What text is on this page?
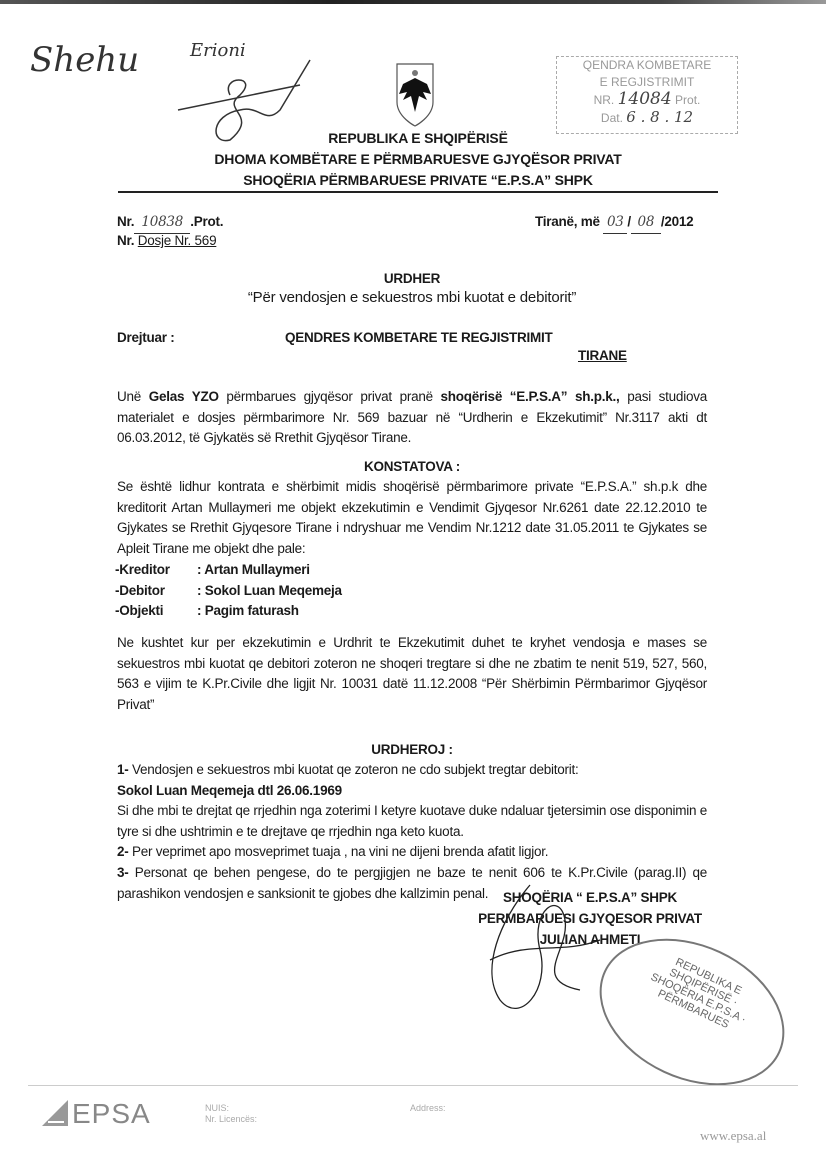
Shehu	Erioni
QENDRA KOMBETARE
E REGJISTRIMIT
NR. 14084 Prot.
Dat. 6 . 8 . 12
REPUBLIKA E SHQIPËRISË
DHOMA KOMBËTARE E PËRMBARUESVE GJYQËSOR PRIVAT
SHOQËRIA PËRMBARUESE PRIVATE “E.P.S.A” SHPK
Nr. 10838 .Prot.
Nr. Dosje Nr. 569
Tiranë, më 03 / 08 /2012
URDHER
“Për vendosjen e sekuestros mbi kuotat e debitorit”
Drejtuar :	QENDRES KOMBETARE TE REGJISTRIMIT
TIRANE
Unë Gelas YZO përmbarues gjyqësor privat pranë shoqërisë “E.P.S.A” sh.p.k., pasi studiova materialet e dosjes përmbarimore Nr. 569 bazuar në “Urdherin e Ekzekutimit” Nr.3117 akti dt 06.03.2012, të Gjykatës së Rrethit Gjyqësor Tirane.
KONSTATOVA :
Se është lidhur kontrata e shërbimit midis shoqërisë përmbarimore private “E.P.S.A.” sh.p.k dhe kreditorit Artan Mullaymeri me objekt ekzekutimin e Vendimit Gjyqesor Nr.6261 date 22.12.2010 te Gjykates se Rrethit Gjyqesore Tirane i ndryshuar me Vendim Nr.1212 date 31.05.2011 te Gjykates se Apleit Tirane me objekt dhe pale:
-Kreditor	: Artan Mullaymeri
-Debitor	: Sokol Luan Meqemeja
-Objekti	: Pagim faturash
Ne kushtet kur per ekzekutimin e Urdhrit te Ekzekutimit duhet te kryhet vendosja e mases se sekuestros mbi kuotat qe debitori zoteron ne shoqeri tregtare si dhe ne zbatim te nenit 519, 527, 560, 563 e vijim te K.Pr.Civile dhe ligjit Nr. 10031 datë 11.12.2008 “Për Shërbimin Përmbarimor Gjyqësor Privat”
URDHEROJ :
1- Vendosjen e sekuestros mbi kuotat qe zoteron ne cdo subjekt tregtar debitorit:
Sokol Luan Meqemeja dtl 26.06.1969
Si dhe mbi te drejtat qe rrjedhin nga zoterimi I ketyre kuotave duke ndaluar tjetersimin ose disponimin e tyre si dhe ushtrimin e te drejtave qe rrjedhin nga keto kuota.
2- Per veprimet apo mosveprimet tuaja , na vini ne dijeni brenda afatit ligjor.
3- Personat qe behen pengese, do te pergjigjen ne baze te nenit 606 te K.Pr.Civile (parag.II) qe parashikon vendosjen e sanksionit te gjobes dhe kallzimin penal.	SHOQËRIA “ E.P.S.A” SHPK
PERMBARUESI GJYQESOR PRIVAT
JULIAN AHMETI
REPUBLIKA E SHQIPËRISË · SHOQËRIA E.P.S.A · PËRMBARUES
EPSA	NUIS:
Nr. Licencës:
Address:
www.epsa.al
